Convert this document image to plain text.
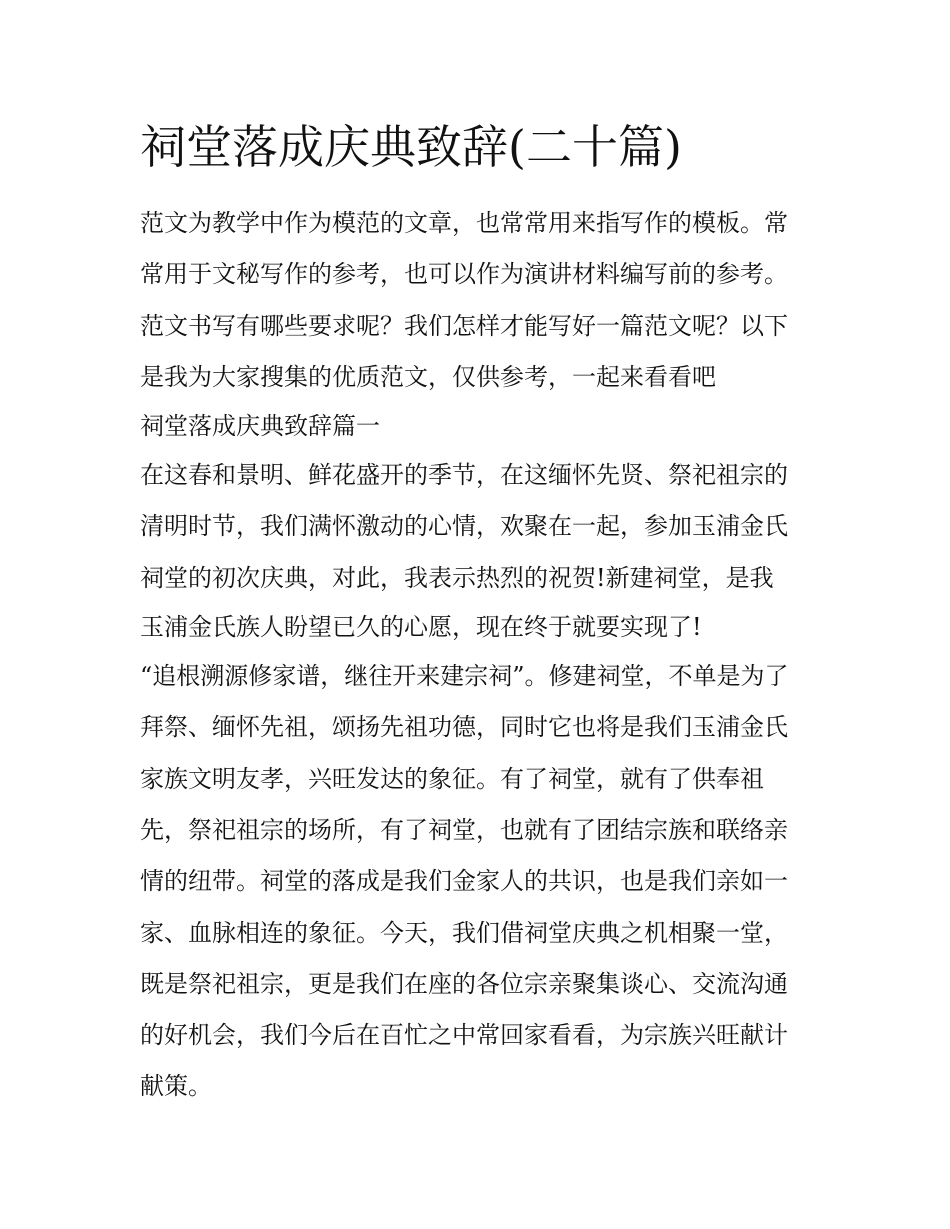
祠堂落成庆典致辞(二十篇)
范文为教学中作为模范的文章，也常常用来指写作的模板。常
常用于文秘写作的参考，也可以作为演讲材料编写前的参考。
范文书写有哪些要求呢？我们怎样才能写好一篇范文呢？以下
是我为大家搜集的优质范文，仅供参考，一起来看看吧
祠堂落成庆典致辞篇一
在这春和景明、鲜花盛开的季节，在这缅怀先贤、祭祀祖宗的
清明时节，我们满怀激动的心情，欢聚在一起，参加玉浦金氏
祠堂的初次庆典，对此，我表示热烈的祝贺!新建祠堂，是我
玉浦金氏族人盼望已久的心愿，现在终于就要实现了!
“追根溯源修家谱，继往开来建宗祠”。修建祠堂，不单是为了
拜祭、缅怀先祖，颂扬先祖功德，同时它也将是我们玉浦金氏
家族文明友孝，兴旺发达的象征。有了祠堂，就有了供奉祖
先，祭祀祖宗的场所，有了祠堂，也就有了团结宗族和联络亲
情的纽带。祠堂的落成是我们金家人的共识，也是我们亲如一
家、血脉相连的象征。今天，我们借祠堂庆典之机相聚一堂，
既是祭祀祖宗，更是我们在座的各位宗亲聚集谈心、交流沟通
的好机会，我们今后在百忙之中常回家看看，为宗族兴旺献计
献策。
